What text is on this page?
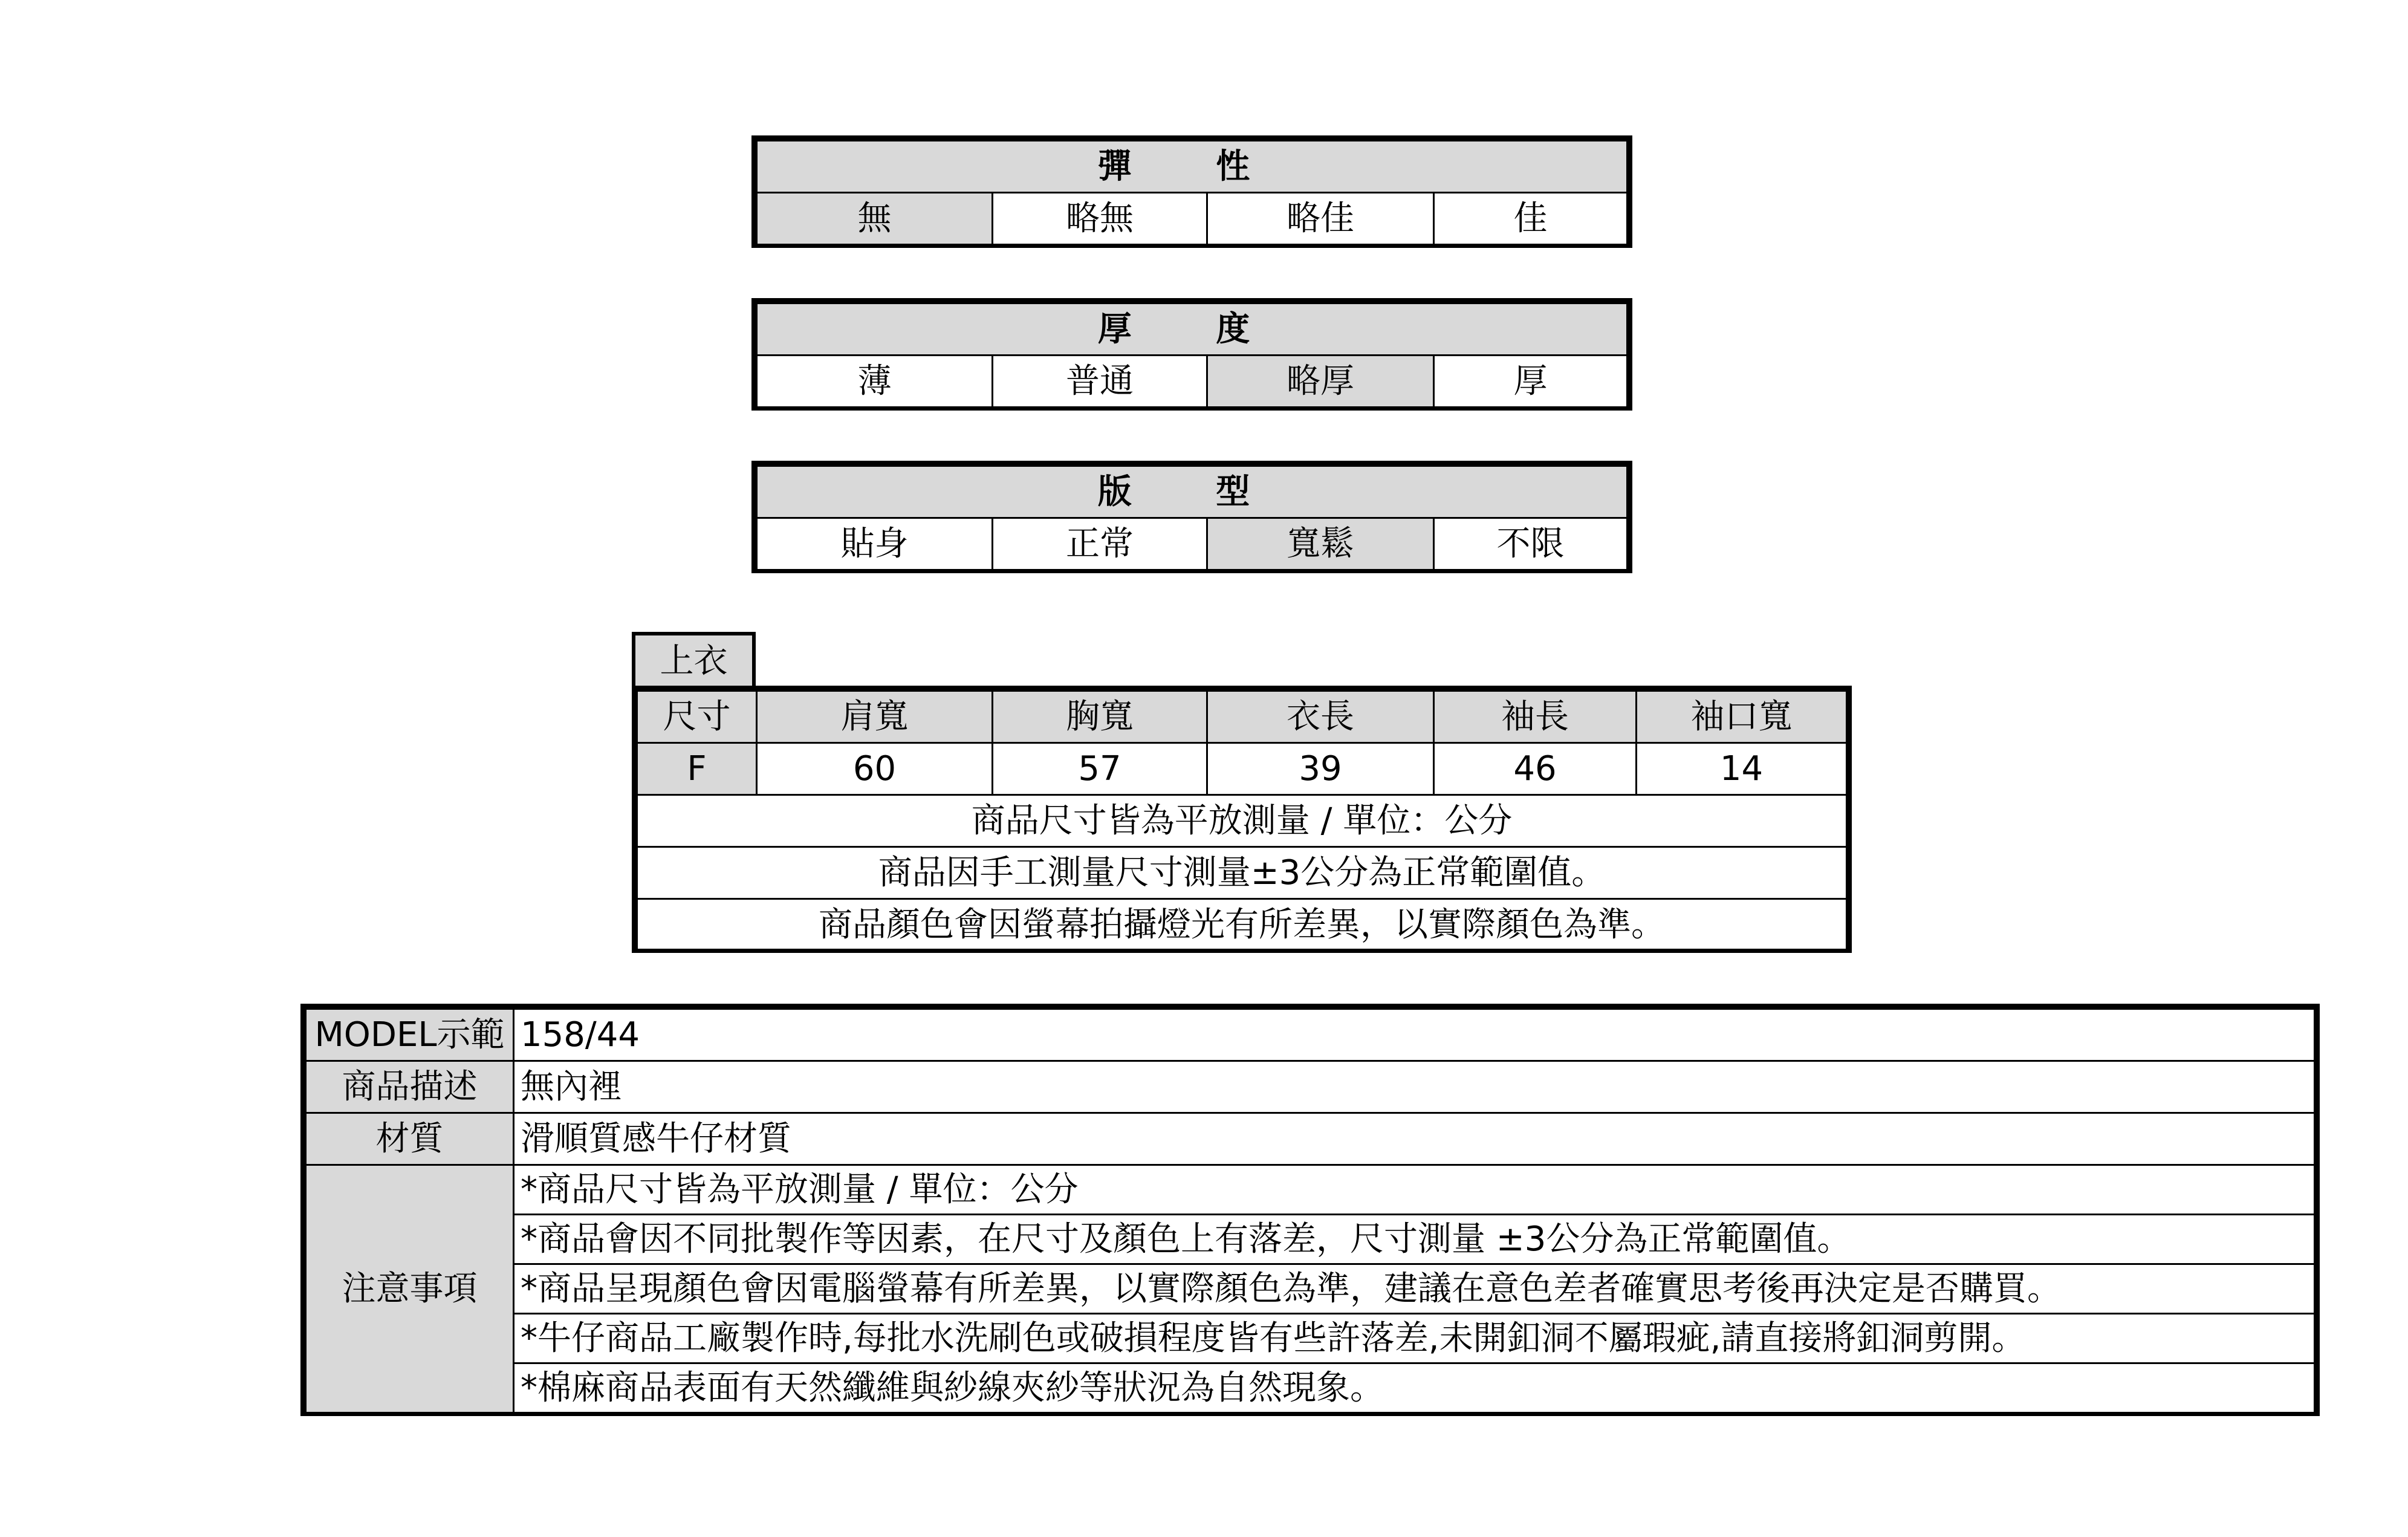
彈 性
無	略無	略佳	佳
厚 度
薄	普通	略厚	厚
版 型
貼身	正常	寬鬆	不限
上衣
尺寸	肩寬	胸寬	衣長	袖長	袖口寬
F	60	57	39	46	14
商品尺寸皆為平放測量 / 單位：公分					
商品因手工測量尺寸測量±3公分為正常範圍值。					
商品顏色會因螢幕拍攝燈光有所差異，以實際顏色為準。					
MODEL示範	158/44
商品描述	無內裡
材質	滑順質感牛仔材質
注意事項	*商品尺寸皆為平放測量 / 單位：公分
	*商品會因不同批製作等因素，在尺寸及顏色上有落差，尺寸測量 ±3公分為正常範圍值。
	*商品呈現顏色會因電腦螢幕有所差異，以實際顏色為準，建議在意色差者確實思考後再決定是否購買。
	*牛仔商品工廠製作時,每批水洗刷色或破損程度皆有些許落差,未開釦洞不屬瑕疵,請直接將釦洞剪開。
	*棉麻商品表面有天然纖維與紗線夾紗等狀況為自然現象。
